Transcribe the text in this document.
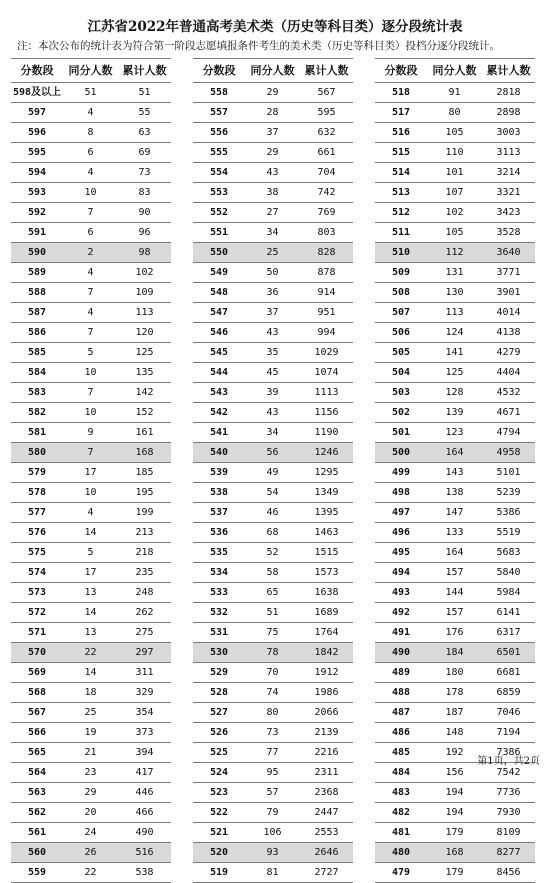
江苏省2022年普通高考美术类（历史等科目类）逐分段统计表
注：本次公布的统计表为符合第一阶段志愿填报条件考生的美术类（历史等科目类）投档分逐分段统计。
分数段	同分人数	累计人数
598及以上	51	51
597	4	55
596	8	63
595	6	69
594	4	73
593	10	83
592	7	90
591	6	96
590	2	98
589	4	102
588	7	109
587	4	113
586	7	120
585	5	125
584	10	135
583	7	142
582	10	152
581	9	161
580	7	168
579	17	185
578	10	195
577	4	199
576	14	213
575	5	218
574	17	235
573	13	248
572	14	262
571	13	275
570	22	297
569	14	311
568	18	329
567	25	354
566	19	373
565	21	394
564	23	417
563	29	446
562	20	466
561	24	490
560	26	516
559	22	538
分数段	同分人数	累计人数
558	29	567
557	28	595
556	37	632
555	29	661
554	43	704
553	38	742
552	27	769
551	34	803
550	25	828
549	50	878
548	36	914
547	37	951
546	43	994
545	35	1029
544	45	1074
543	39	1113
542	43	1156
541	34	1190
540	56	1246
539	49	1295
538	54	1349
537	46	1395
536	68	1463
535	52	1515
534	58	1573
533	65	1638
532	51	1689
531	75	1764
530	78	1842
529	70	1912
528	74	1986
527	80	2066
526	73	2139
525	77	2216
524	95	2311
523	57	2368
522	79	2447
521	106	2553
520	93	2646
519	81	2727
分数段	同分人数	累计人数
518	91	2818
517	80	2898
516	105	3003
515	110	3113
514	101	3214
513	107	3321
512	102	3423
511	105	3528
510	112	3640
509	131	3771
508	130	3901
507	113	4014
506	124	4138
505	141	4279
504	125	4404
503	128	4532
502	139	4671
501	123	4794
500	164	4958
499	143	5101
498	138	5239
497	147	5386
496	133	5519
495	164	5683
494	157	5840
493	144	5984
492	157	6141
491	176	6317
490	184	6501
489	180	6681
488	178	6859
487	187	7046
486	148	7194
485	192	7386
484	156	7542
483	194	7736
482	194	7930
481	179	8109
480	168	8277
479	179	8456
第1页，共2页
